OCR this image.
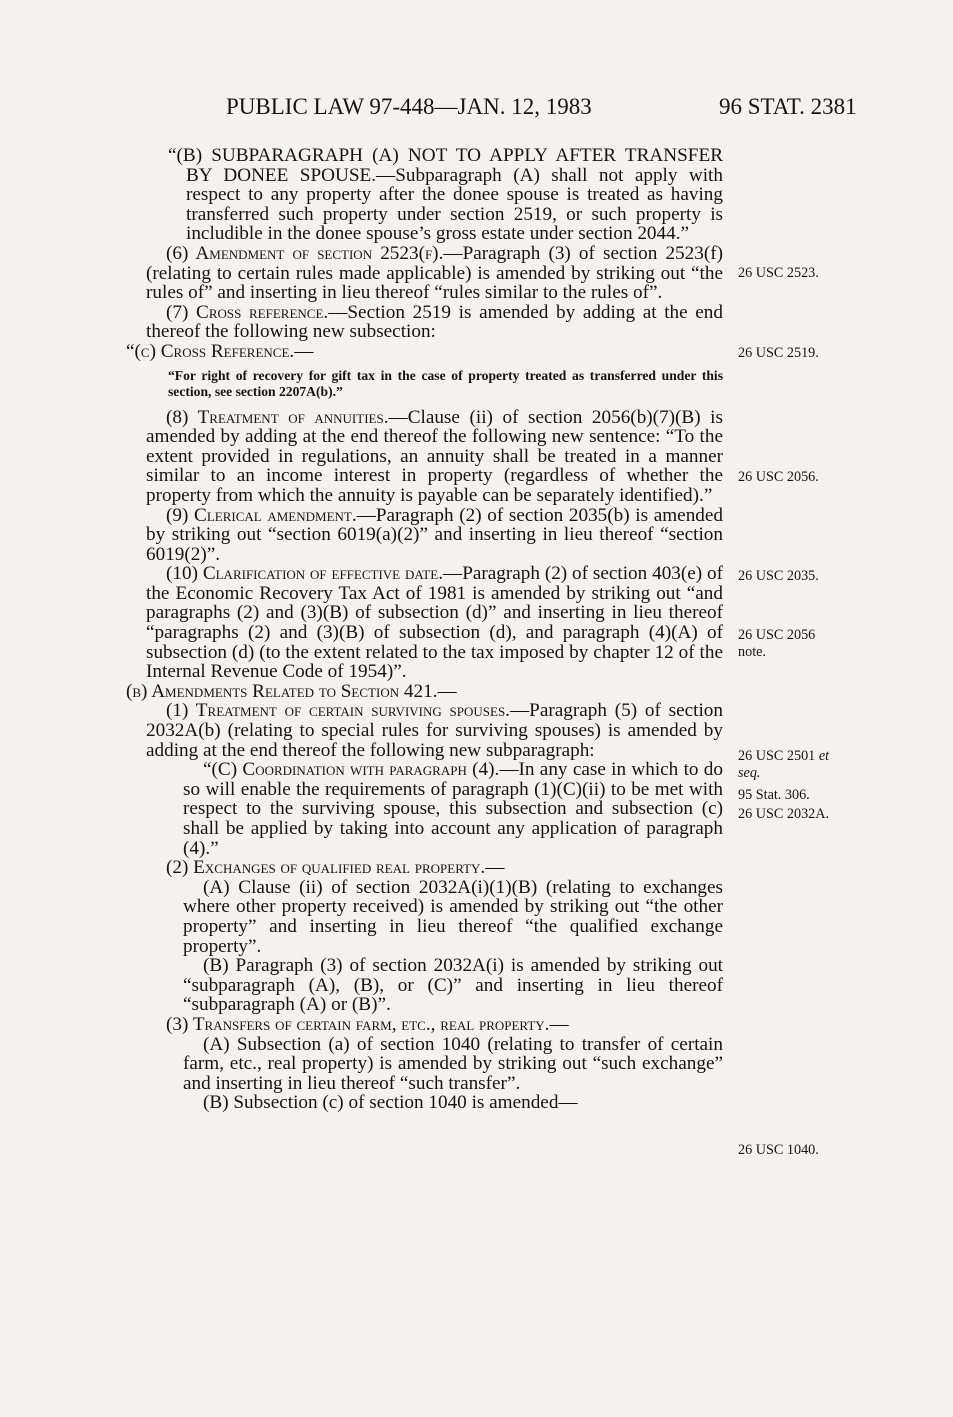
PUBLIC LAW 97-448—JAN. 12, 1983	96 STAT. 2381

“(B) SUBPARAGRAPH (A) NOT TO APPLY AFTER TRANSFER BY DONEE SPOUSE.—Subparagraph (A) shall not apply with respect to any property after the donee spouse is treated as having transferred such property under section 2519, or such property is includible in the donee spouse’s gross estate under section 2044.”

(6) Amendment of section 2523(f).—Paragraph (3) of section 2523(f) (relating to certain rules made applicable) is amended by striking out “the rules of” and inserting in lieu thereof “rules similar to the rules of”.

(7) Cross reference.—Section 2519 is amended by adding at the end thereof the following new subsection:

“(c) Cross Reference.—

“For right of recovery for gift tax in the case of property treated as transferred under this section, see section 2207A(b).”

(8) Treatment of annuities.—Clause (ii) of section 2056(b)(7)(B) is amended by adding at the end thereof the following new sentence: “To the extent provided in regulations, an annuity shall be treated in a manner similar to an income interest in property (regardless of whether the property from which the annuity is payable can be separately identified).”

(9) Clerical amendment.—Paragraph (2) of section 2035(b) is amended by striking out “section 6019(a)(2)” and inserting in lieu thereof “section 6019(2)”.

(10) Clarification of effective date.—Paragraph (2) of section 403(e) of the Economic Recovery Tax Act of 1981 is amended by striking out “and paragraphs (2) and (3)(B) of subsection (d)” and inserting in lieu thereof “paragraphs (2) and (3)(B) of subsection (d), and paragraph (4)(A) of subsection (d) (to the extent related to the tax imposed by chapter 12 of the Internal Revenue Code of 1954)”.

(b) Amendments Related to Section 421.—

(1) Treatment of certain surviving spouses.—Paragraph (5) of section 2032A(b) (relating to special rules for surviving spouses) is amended by adding at the end thereof the following new subparagraph:

“(C) Coordination with paragraph (4).—In any case in which to do so will enable the requirements of paragraph (1)(C)(ii) to be met with respect to the surviving spouse, this subsection and subsection (c) shall be applied by taking into account any application of paragraph (4).”

(2) Exchanges of qualified real property.—

(A) Clause (ii) of section 2032A(i)(1)(B) (relating to exchanges where other property received) is amended by striking out “the other property” and inserting in lieu thereof “the qualified exchange property”.

(B) Paragraph (3) of section 2032A(i) is amended by striking out “subparagraph (A), (B), or (C)” and inserting in lieu thereof “subparagraph (A) or (B)”.

(3) Transfers of certain farm, etc., real property.—

(A) Subsection (a) of section 1040 (relating to transfer of certain farm, etc., real property) is amended by striking out “such exchange” and inserting in lieu thereof “such transfer”.

(B) Subsection (c) of section 1040 is amended—

26 USC 2523.
26 USC 2519.
26 USC 2056.
26 USC 2035.
26 USC 2056
note.
26 USC 2501 et
seq.
95 Stat. 306.
26 USC 2032A.
26 USC 1040.
